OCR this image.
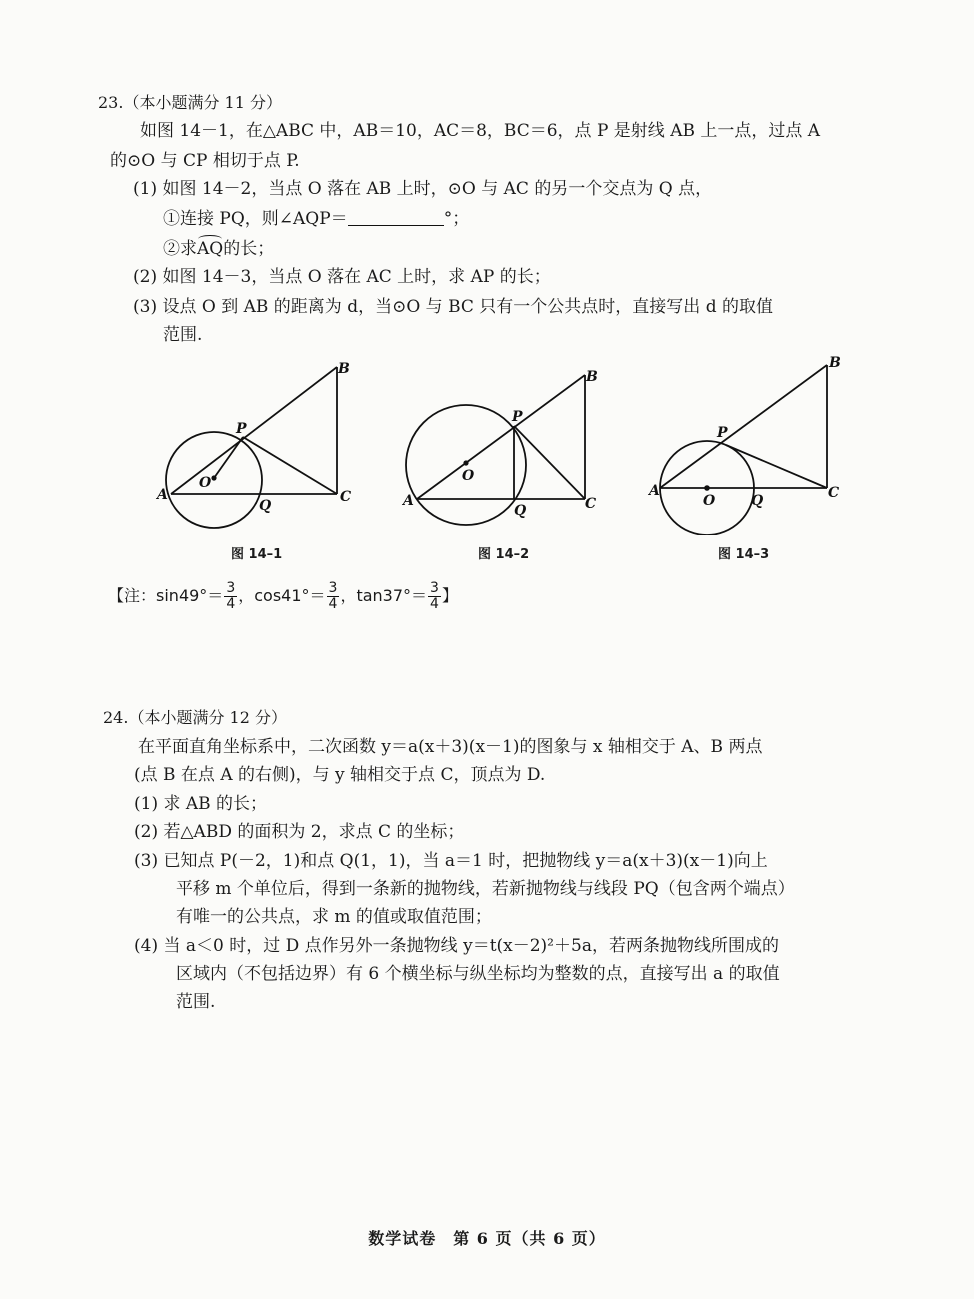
23.（本小题满分 11 分）
如图 14－1，在△ABC 中，AB＝10，AC＝8，BC＝6，点 P 是射线 AB 上一点，过点 A
的⊙O 与 CP 相切于点 P.
(1) 如图 14－2，当点 O 落在 AB 上时，⊙O 与 AC 的另一个交点为 Q 点，
①连接 PQ，则∠AQP＝	°；
②求AQ的长；
(2) 如图 14－3，当点 O 落在 AC 上时，求 AP 的长；
(3) 设点 O 到 AB 的距离为 d，当⊙O 与 BC 只有一个公共点时，直接写出 d 的取值
范围.
A
B
C
P
O
Q
图 14–1
A
B
C
P
O
Q
图 14–2
A
B
C
P
O	Q
图 14–3
【注：$\sin 49^\circ= \frac{3}{4}$ ，$\cos 41^\circ= \frac{3}{4}$ ，$\tan 37^\circ= \frac{3}{4}$ 】
24.（本小题满分 12 分）
在平面直角坐标系中，二次函数 y＝a(x＋3)(x－1)的图象与 x 轴相交于 A、B 两点
(点 B 在点 A 的右侧)，与 y 轴相交于点 C，顶点为 D.
(1) 求 AB 的长；
(2) 若△ABD 的面积为 2，求点 C 的坐标；
(3) 已知点 P(－2，1)和点 Q(1，1)，当 a＝1 时，把抛物线 y＝a(x＋3)(x－1)向上
平移 m 个单位后，得到一条新的抛物线，若新抛物线与线段 PQ（包含两个端点）
有唯一的公共点，求 m 的值或取值范围；
(4) 当 a＜0 时，过 D 点作另外一条抛物线 y＝t(x－2)²＋5a，若两条抛物线所围成的
区域内（不包括边界）有 6 个横坐标与纵坐标均为整数的点，直接写出 a 的取值
范围.
数学试卷　第 6 页（共 6 页）
